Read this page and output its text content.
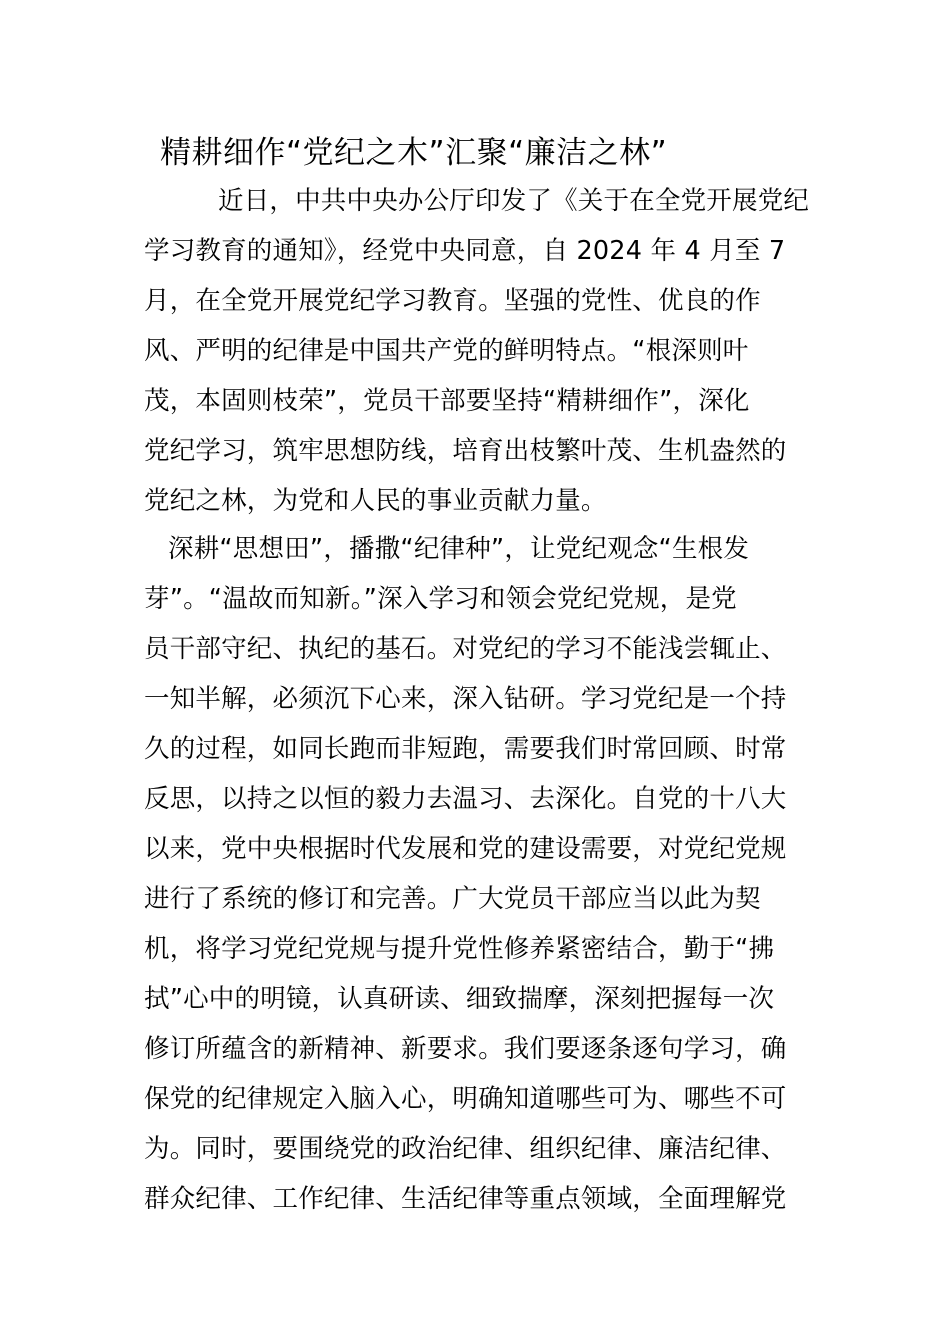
精耕细作“党纪之木”汇聚“廉洁之林”
近日，中共中央办公厅印发了《关于在全党开展党纪
学习教育的通知》，经党中央同意，自 2024 年 4 月至 7
月，在全党开展党纪学习教育。坚强的党性、优良的作
风、严明的纪律是中国共产党的鲜明特点。“根深则叶
茂，本固则枝荣”，党员干部要坚持“精耕细作”，深化
党纪学习，筑牢思想防线，培育出枝繁叶茂、生机盎然的
党纪之林，为党和人民的事业贡献力量。
深耕“思想田”，播撒“纪律种”，让党纪观念“生根发
芽”。“温故而知新。”深入学习和领会党纪党规，是党
员干部守纪、执纪的基石。对党纪的学习不能浅尝辄止、
一知半解，必须沉下心来，深入钻研。学习党纪是一个持
久的过程，如同长跑而非短跑，需要我们时常回顾、时常
反思，以持之以恒的毅力去温习、去深化。自党的十八大
以来，党中央根据时代发展和党的建设需要，对党纪党规
进行了系统的修订和完善。广大党员干部应当以此为契
机，将学习党纪党规与提升党性修养紧密结合，勤于“拂
拭”心中的明镜，认真研读、细致揣摩，深刻把握每一次
修订所蕴含的新精神、新要求。我们要逐条逐句学习，确
保党的纪律规定入脑入心，明确知道哪些可为、哪些不可
为。同时，要围绕党的政治纪律、组织纪律、廉洁纪律、
群众纪律、工作纪律、生活纪律等重点领域，全面理解党
